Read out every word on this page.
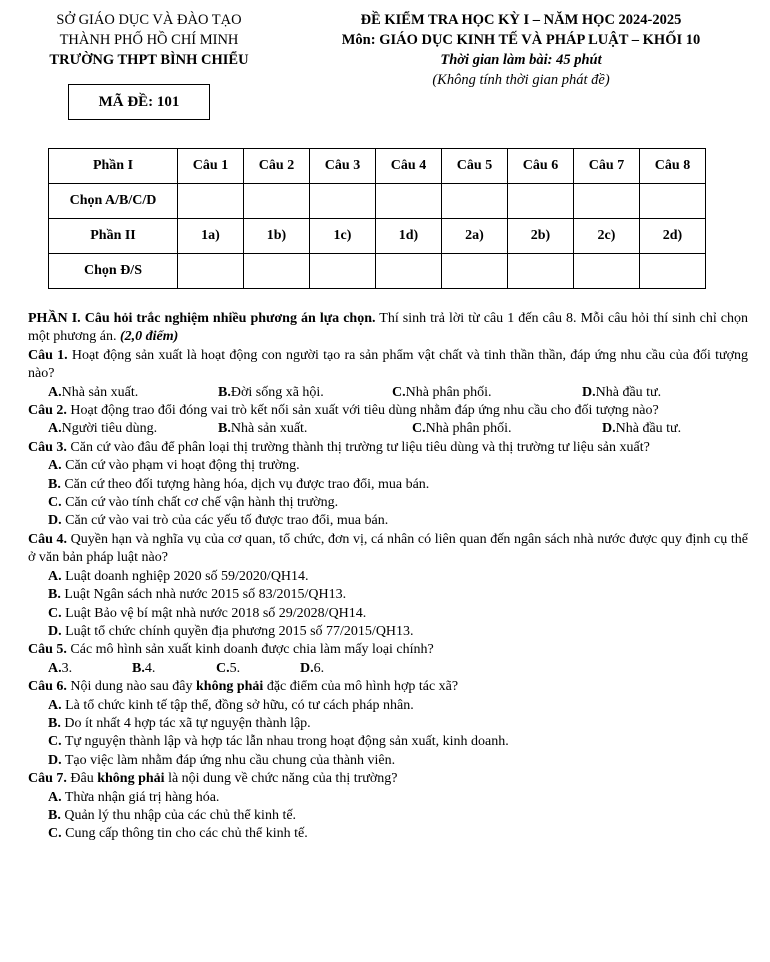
SỞ GIÁO DỤC VÀ ĐÀO TẠO
THÀNH PHỐ HỒ CHÍ MINH
TRƯỜNG THPT BÌNH CHIỂU
MÃ ĐỀ: 101
ĐỀ KIỂM TRA HỌC KỲ I – NĂM HỌC 2024-2025
Môn: GIÁO DỤC KINH TẾ VÀ PHÁP LUẬT – KHỐI 10
Thời gian làm bài: 45 phút
(Không tính thời gian phát đề)
Phần I	Câu 1	Câu 2	Câu 3	Câu 4	Câu 5	Câu 6	Câu 7	Câu 8
Chọn A/B/C/D								
Phần II	1a)	1b)	1c)	1d)	2a)	2b)	2c)	2d)
Chọn Đ/S								

PHẦN I. Câu hỏi trắc nghiệm nhiều phương án lựa chọn. Thí sinh trả lời từ câu 1 đến câu 8. Mỗi câu hỏi thí sinh chỉ chọn một phương án. (2,0 điểm)

Câu 1. Hoạt động sản xuất là hoạt động con người tạo ra sản phẩm vật chất và tinh thần thần, đáp ứng nhu cầu của đối tượng nào?

A.Nhà sản xuất.	B.Đời sống xã hội.	C.Nhà phân phối.	D.Nhà đầu tư.

Câu 2. Hoạt động trao đổi đóng vai trò kết nối sản xuất với tiêu dùng nhằm đáp ứng nhu cầu cho đối tượng nào?

A.Người tiêu dùng.	B.Nhà sản xuất.	C.Nhà phân phối.	D.Nhà đầu tư.

Câu 3. Căn cứ vào đâu để phân loại thị trường thành thị trường tư liệu tiêu dùng và thị trường tư liệu sản xuất?

A. Căn cứ vào phạm vi hoạt động thị trường.
B. Căn cứ theo đối tượng hàng hóa, dịch vụ được trao đổi, mua bán.
C. Căn cứ vào tính chất cơ chế vận hành thị trường.
D. Căn cứ vào vai trò của các yếu tố được trao đổi, mua bán.

Câu 4. Quyền hạn và nghĩa vụ của cơ quan, tổ chức, đơn vị, cá nhân có liên quan đến ngân sách nhà nước được quy định cụ thể ở văn bản pháp luật nào?

A. Luật doanh nghiệp 2020 số 59/2020/QH14.
B. Luật Ngân sách nhà nước 2015 số 83/2015/QH13.
C. Luật Bảo vệ bí mật nhà nước 2018 số 29/2028/QH14.
D. Luật tổ chức chính quyền địa phương 2015 số 77/2015/QH13.

Câu 5. Các mô hình sản xuất kinh doanh được chia làm mấy loại chính?

A.3.	B.4.	C.5.	D.6.

Câu 6. Nội dung nào sau đây không phải đặc điểm của mô hình hợp tác xã?

A. Là tổ chức kinh tế tập thể, đồng sở hữu, có tư cách pháp nhân.
B. Do ít nhất 4 hợp tác xã tự nguyện thành lập.
C. Tự nguyện thành lập và hợp tác lẫn nhau trong hoạt động sản xuất, kinh doanh.
D. Tạo việc làm nhằm đáp ứng nhu cầu chung của thành viên.

Câu 7. Đâu không phải là nội dung về chức năng của thị trường?

A. Thừa nhận giá trị hàng hóa.
B. Quản lý thu nhập của các chủ thể kinh tế.
C. Cung cấp thông tin cho các chủ thể kinh tế.
